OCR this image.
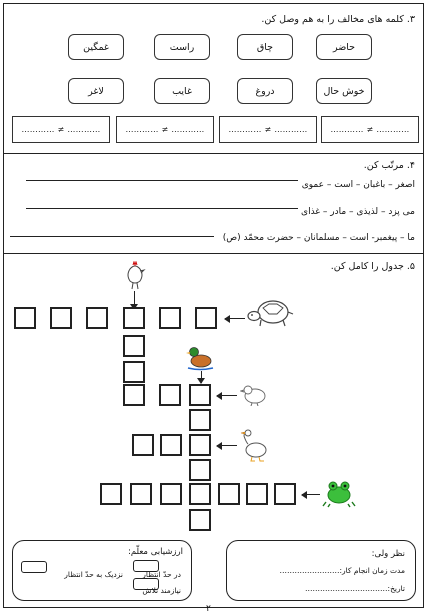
۳. کلمه های مخالف را به هم وصل کن.
حاضر
چاق
راست
غمگین
خوش حال
دروغ
غایب
لاغر
………… ≠ …………
………… ≠ …………
………… ≠ …………
………… ≠ …………
۴. مرتّب کن.
اصغر – باغبان – است – عموی
می پزد – لذیذی – مادر – غذای
ما – پیغمبر- است – مسلمانان – حضرت محمّد (ص)
۵. جدول را کامل کن.
ارزشیابی معلّم:
در حدّ انتظار
نزدیک به حدّ انتظار
نیازمند تلاش
نظر ولی:
مدت زمان انجام کار:……………………
تاریخ:……………………………
۲
